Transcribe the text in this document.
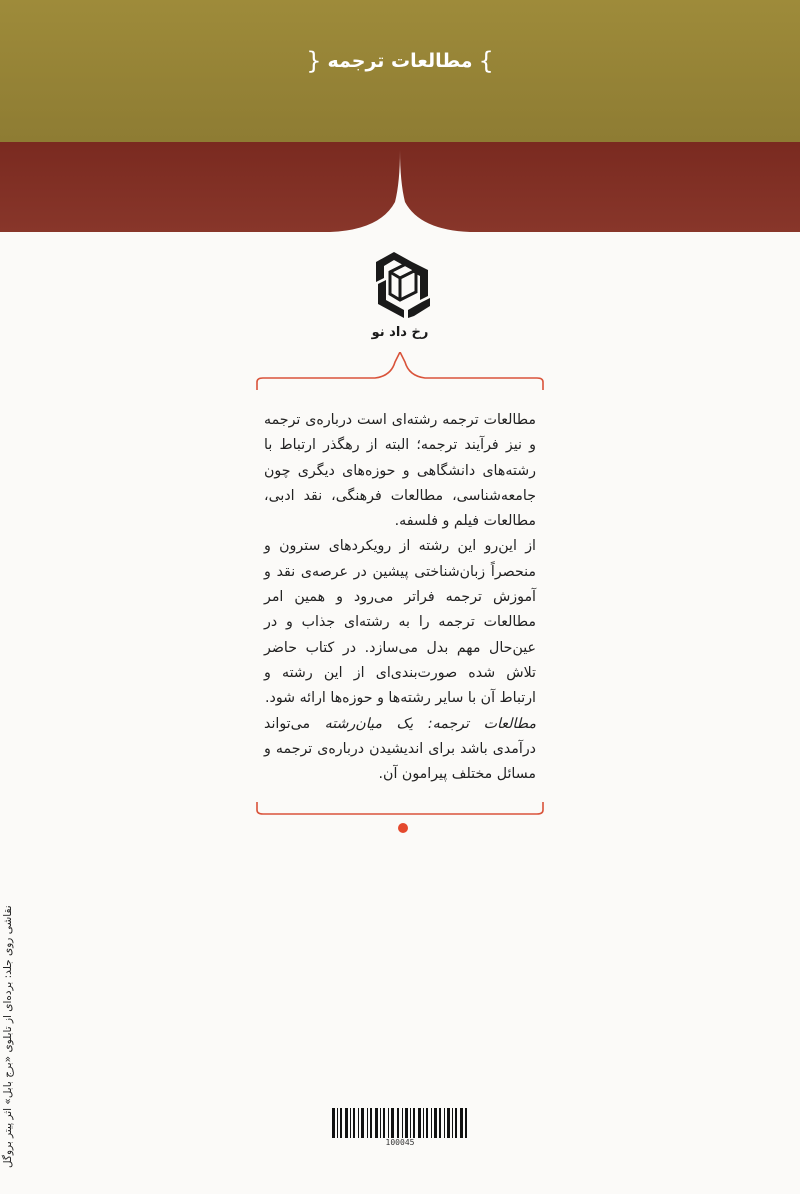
}
مطالعات ترجمه
{
رخ داد نو

مطالعات ترجمه رشته‌ای است درباره‌ی ترجمه و نیز فرآیند ترجمه؛ البته از رهگذر ارتباط با رشته‌های دانشگاهی و حوزه‌های دیگری چون جامعه‌شناسی، مطالعات فرهنگی، نقد ادبی، مطالعات فیلم و فلسفه.

از این‌رو این رشته از رویکردهای سترون و منحصراً زبان‌شناختی پیشین در عرصه‌ی نقد و آموزش ترجمه فراتر می‌رود و همین امر مطالعات ترجمه را به رشته‌ای جذاب و در عین‌حال مهم بدل می‌سازد. در کتاب حاضر تلاش شده صورت‌بندی‌ای از این رشته و ارتباط آن با سایر رشته‌ها و حوزه‌ها ارائه شود.

مطالعات ترجمه: یک میان‌رشته می‌تواند درآمدی باشد برای اندیشیدن درباره‌ی ترجمه و مسائل مختلف پیرامون آن.

نقاشی روی جلد: برده‌ای از تابلوی «برج بابل» اثر پیتر بروگل	100045
